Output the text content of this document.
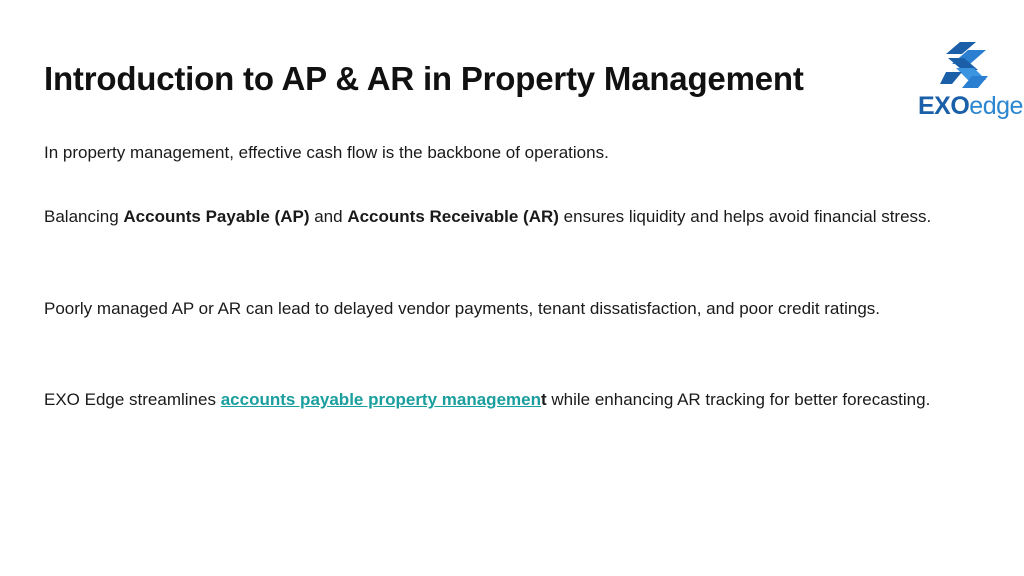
Introduction to AP & AR in Property Management
EXOedge

In property management, effective cash flow is the backbone of operations.

Balancing Accounts Payable (AP) and Accounts Receivable (AR) ensures liquidity and helps avoid financial stress.

Poorly managed AP or AR can lead to delayed vendor payments, tenant dissatisfaction, and poor credit ratings.

EXO Edge streamlines accounts payable property management while enhancing AR tracking for better forecasting.
